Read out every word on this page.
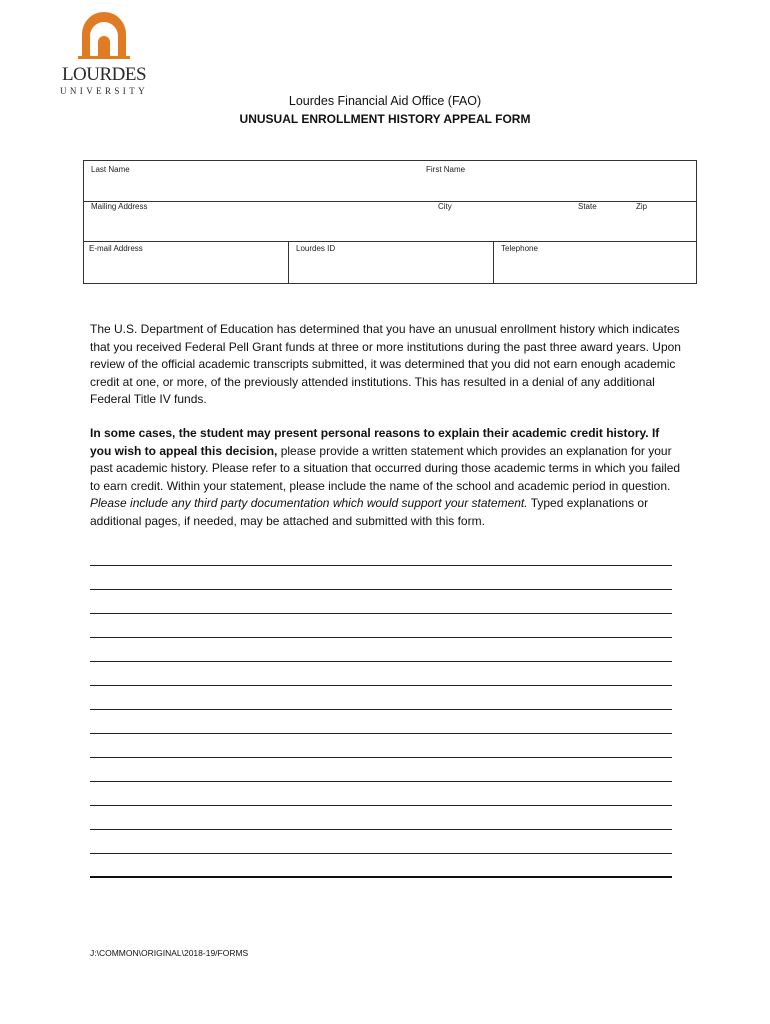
LOURDES
UNIVERSITY
Lourdes Financial Aid Office (FAO)
UNUSUAL ENROLLMENT HISTORY APPEAL FORM
Last Name	First Name
Mailing Address	City	State	Zip
E-mail Address	Lourdes ID	Telephone

The U.S. Department of Education has determined that you have an unusual enrollment history which indicates that you received Federal Pell Grant funds at three or more institutions during the past three award years. Upon review of the official academic transcripts submitted, it was determined that you did not earn enough academic credit at one, or more, of the previously attended institutions. This has resulted in a denial of any additional Federal Title IV funds.

In some cases, the student may present personal reasons to explain their academic credit history. If you wish to appeal this decision, please provide a written statement which provides an explanation for your past academic history. Please refer to a situation that occurred during those academic terms in which you failed to earn credit. Within your statement, please include the name of the school and academic period in question. Please include any third party documentation which would support your statement. Typed explanations or additional pages, if needed, may be attached and submitted with this form.

J:\COMMON\ORIGINAL\2018-19/FORMS
